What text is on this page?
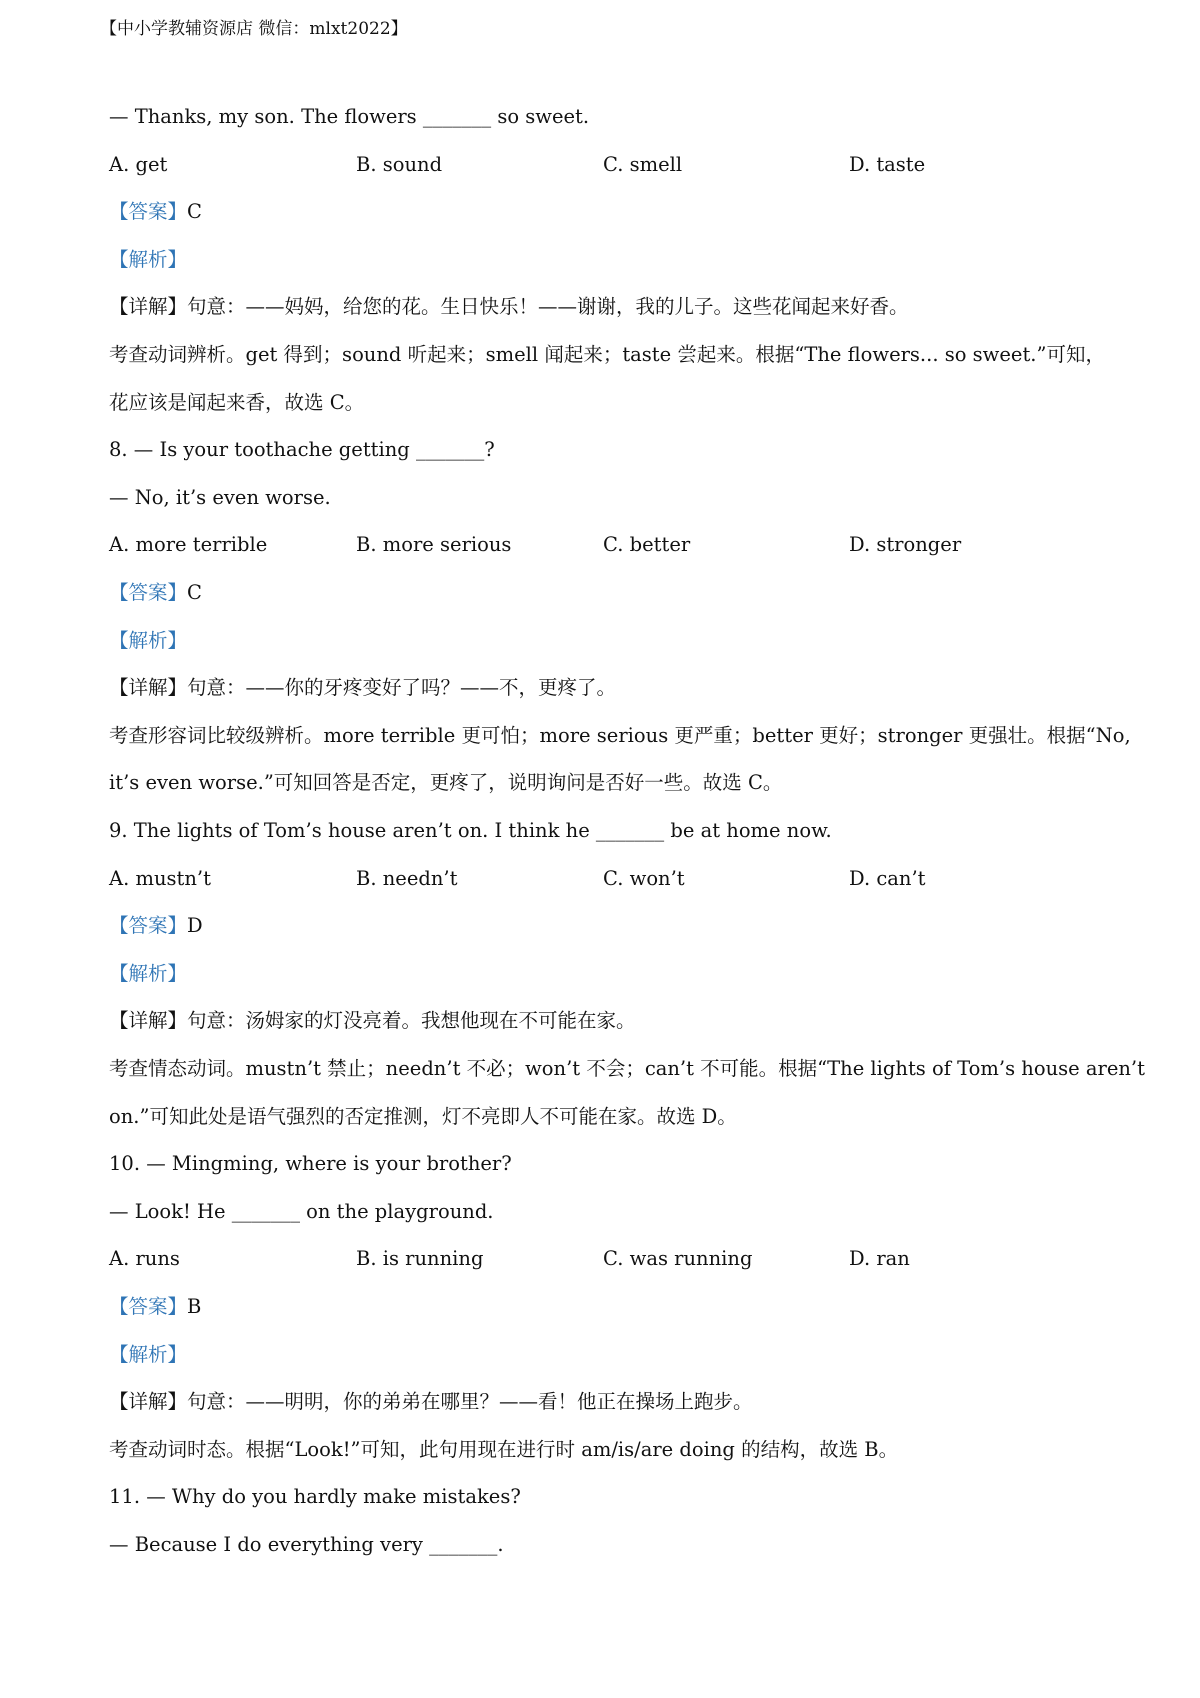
【中小学教辅资源店 微信：mlxt2022】
— Thanks, my son. The flowers _______ so sweet.
A. get	B. sound	C. smell	D. taste
【答案】C
【解析】
【详解】句意：——妈妈，给您的花。生日快乐！——谢谢，我的儿子。这些花闻起来好香。
考查动词辨析。get 得到；sound 听起来；smell 闻起来；taste 尝起来。根据“The flowers... so sweet.”可知，
花应该是闻起来香，故选 C。
8. — Is your toothache getting _______?
— No, it’s even worse.
A. more terrible	B. more serious	C. better	D. stronger
【答案】C
【解析】
【详解】句意：——你的牙疼变好了吗？——不，更疼了。
考查形容词比较级辨析。more terrible 更可怕；more serious 更严重；better 更好；stronger 更强壮。根据“No,
it’s even worse.”可知回答是否定，更疼了，说明询问是否好一些。故选 C。
9. The lights of Tom’s house aren’t on. I think he _______ be at home now.
A. mustn’t	B. needn’t	C. won’t	D. can’t
【答案】D
【解析】
【详解】句意：汤姆家的灯没亮着。我想他现在不可能在家。
考查情态动词。mustn’t 禁止；needn’t 不必；won’t 不会；can’t 不可能。根据“The lights of Tom’s house aren’t
on.”可知此处是语气强烈的否定推测，灯不亮即人不可能在家。故选 D。
10. — Mingming, where is your brother?
— Look! He _______ on the playground.
A. runs	B. is running	C. was running	D. ran
【答案】B
【解析】
【详解】句意：——明明，你的弟弟在哪里？——看！他正在操场上跑步。
考查动词时态。根据“Look!”可知，此句用现在进行时 am/is/are doing 的结构，故选 B。
11. — Why do you hardly make mistakes?
— Because I do everything very _______.
